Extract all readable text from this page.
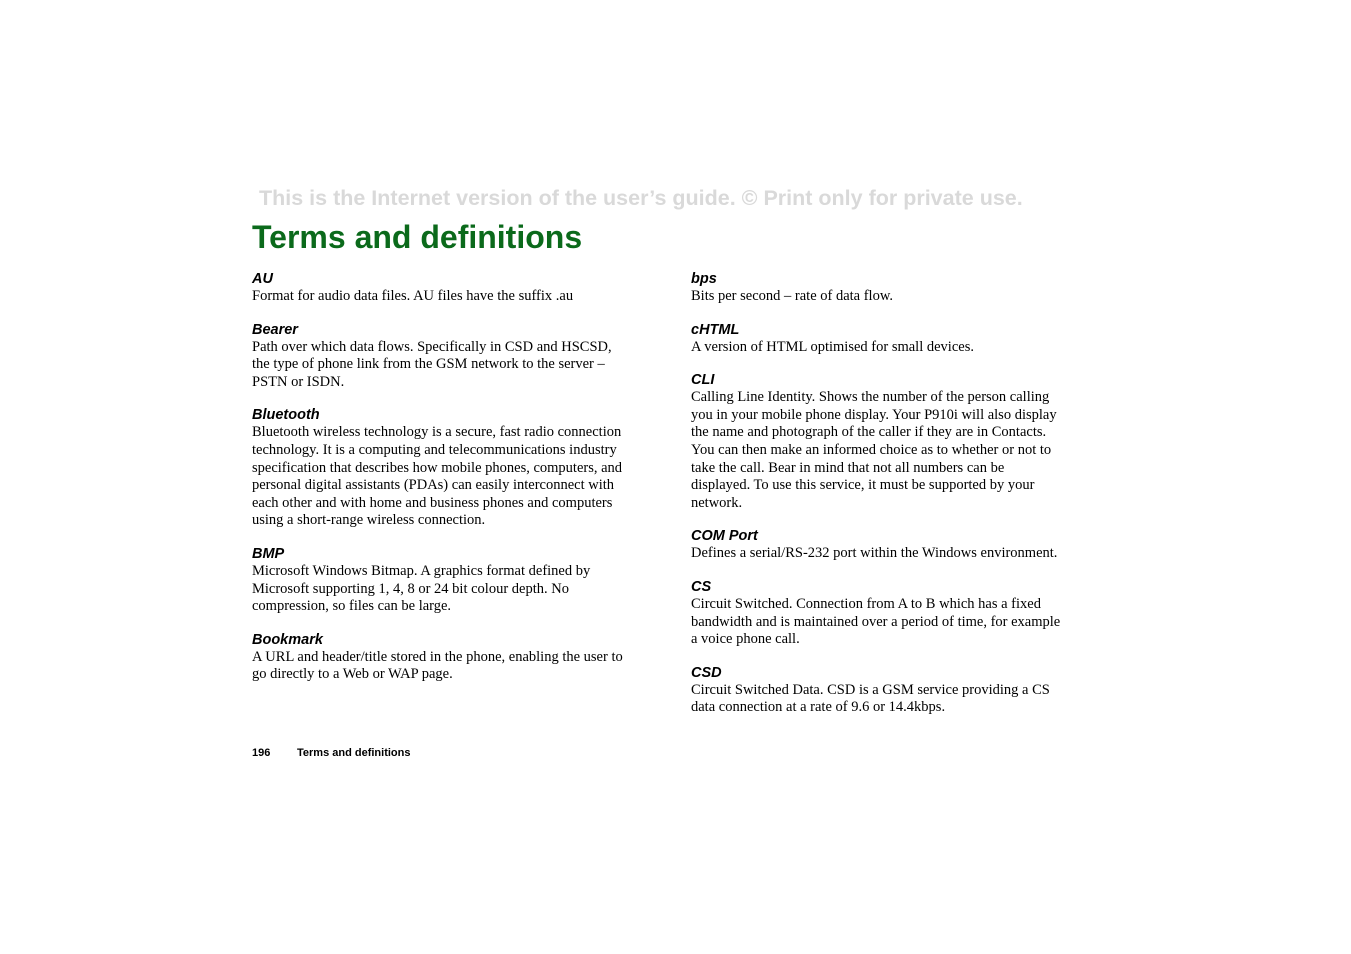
This is the Internet version of the user’s guide. © Print only for private use.
Terms and definitions

AU

Format for audio data files. AU files have the suffix .au

Bearer

Path over which data flows. Specifically in CSD and HSCSD, the type of phone link from the GSM network to the server – PSTN or ISDN.

Bluetooth

Bluetooth wireless technology is a secure, fast radio connection technology. It is a computing and telecommunications industry specification that describes how mobile phones, computers, and personal digital assistants (PDAs) can easily interconnect with each other and with home and business phones and computers using a short-range wireless connection.

BMP

Microsoft Windows Bitmap. A graphics format defined by Microsoft supporting 1, 4, 8 or 24 bit colour depth. No compression, so files can be large.

Bookmark

A URL and header/title stored in the phone, enabling the user to go directly to a Web or WAP page.

bps

Bits per second – rate of data flow.

cHTML

A version of HTML optimised for small devices.

CLI

Calling Line Identity. Shows the number of the person calling you in your mobile phone display. Your P910i will also display the name and photograph of the caller if they are in Contacts. You can then make an informed choice as to whether or not to take the call. Bear in mind that not all numbers can be displayed. To use this service, it must be supported by your network.

COM Port

Defines a serial/RS-232 port within the Windows environment.

CS

Circuit Switched. Connection from A to B which has a fixed bandwidth and is maintained over a period of time, for example a voice phone call.

CSD

Circuit Switched Data. CSD is a GSM service providing a CS data connection at a rate of 9.6 or 14.4kbps.

196 Terms and definitions
